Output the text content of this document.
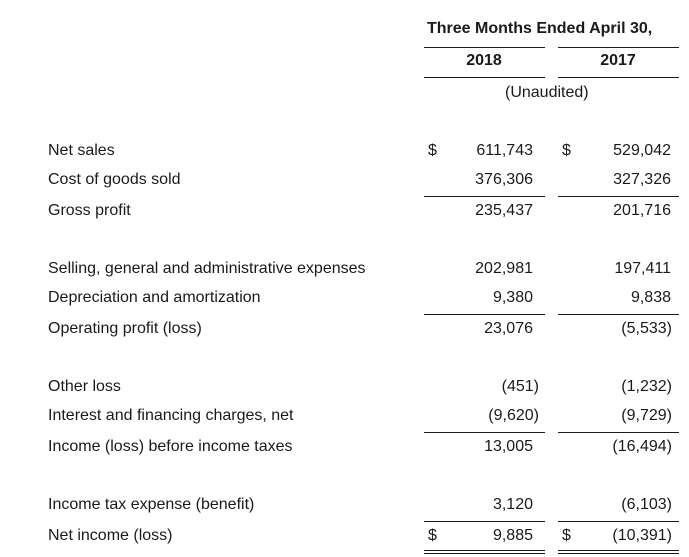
Three Months Ended April 30,
2018	2017
(Unaudited)
Net sales	$ 611,743 $	529,042
Cost of goods sold	376,306	327,326
Gross profit	235,437	201,716
Selling, general and administrative expenses	202,981	197,411
Depreciation and amortization	9,380	9,838
Operating profit (loss)	23,076	(5,533)
Other loss	(451)	(1,232)
Interest and financing charges, net	(9,620)	(9,729)
Income (loss) before income taxes	13,005	(16,494)
Income tax expense (benefit)	3,120	(6,103)
Net income (loss)	$	9,885 $	(10,391)
